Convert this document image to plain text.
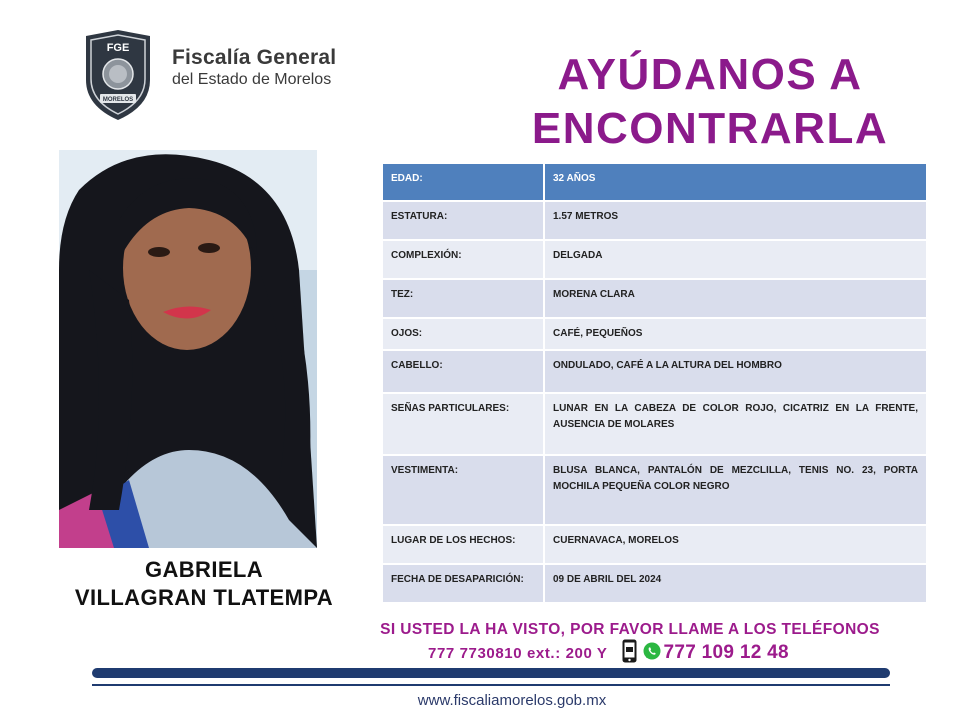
FGE
MORELOS
Fiscalía General
del Estado de Morelos	AYÚDANOS A
ENCONTRARLA
GABRIELA
VILLAGRAN TLATEMPA
EDAD:	32 AÑOS
ESTATURA:	1.57 METROS
COMPLEXIÓN:	DELGADA
TEZ:	MORENA CLARA
OJOS:	CAFÉ, PEQUEÑOS
CABELLO:	ONDULADO, CAFÉ A LA ALTURA DEL HOMBRO
SEÑAS PARTICULARES:	LUNAR EN LA CABEZA DE COLOR ROJO, CICATRIZ EN LA FRENTE, AUSENCIA DE MOLARES
VESTIMENTA:	BLUSA BLANCA, PANTALÓN DE MEZCLILLA, TENIS NO. 23, PORTA MOCHILA PEQUEÑA COLOR NEGRO
LUGAR DE LOS HECHOS:	CUERNAVACA, MORELOS
FECHA DE DESAPARICIÓN:	09 DE ABRIL DEL 2024
SI USTED LA HA VISTO, POR FAVOR LLAME A LOS TELÉFONOS
777 7730810 ext.: 200 Y	777 109 12 48
www.fiscaliamorelos.gob.mx
